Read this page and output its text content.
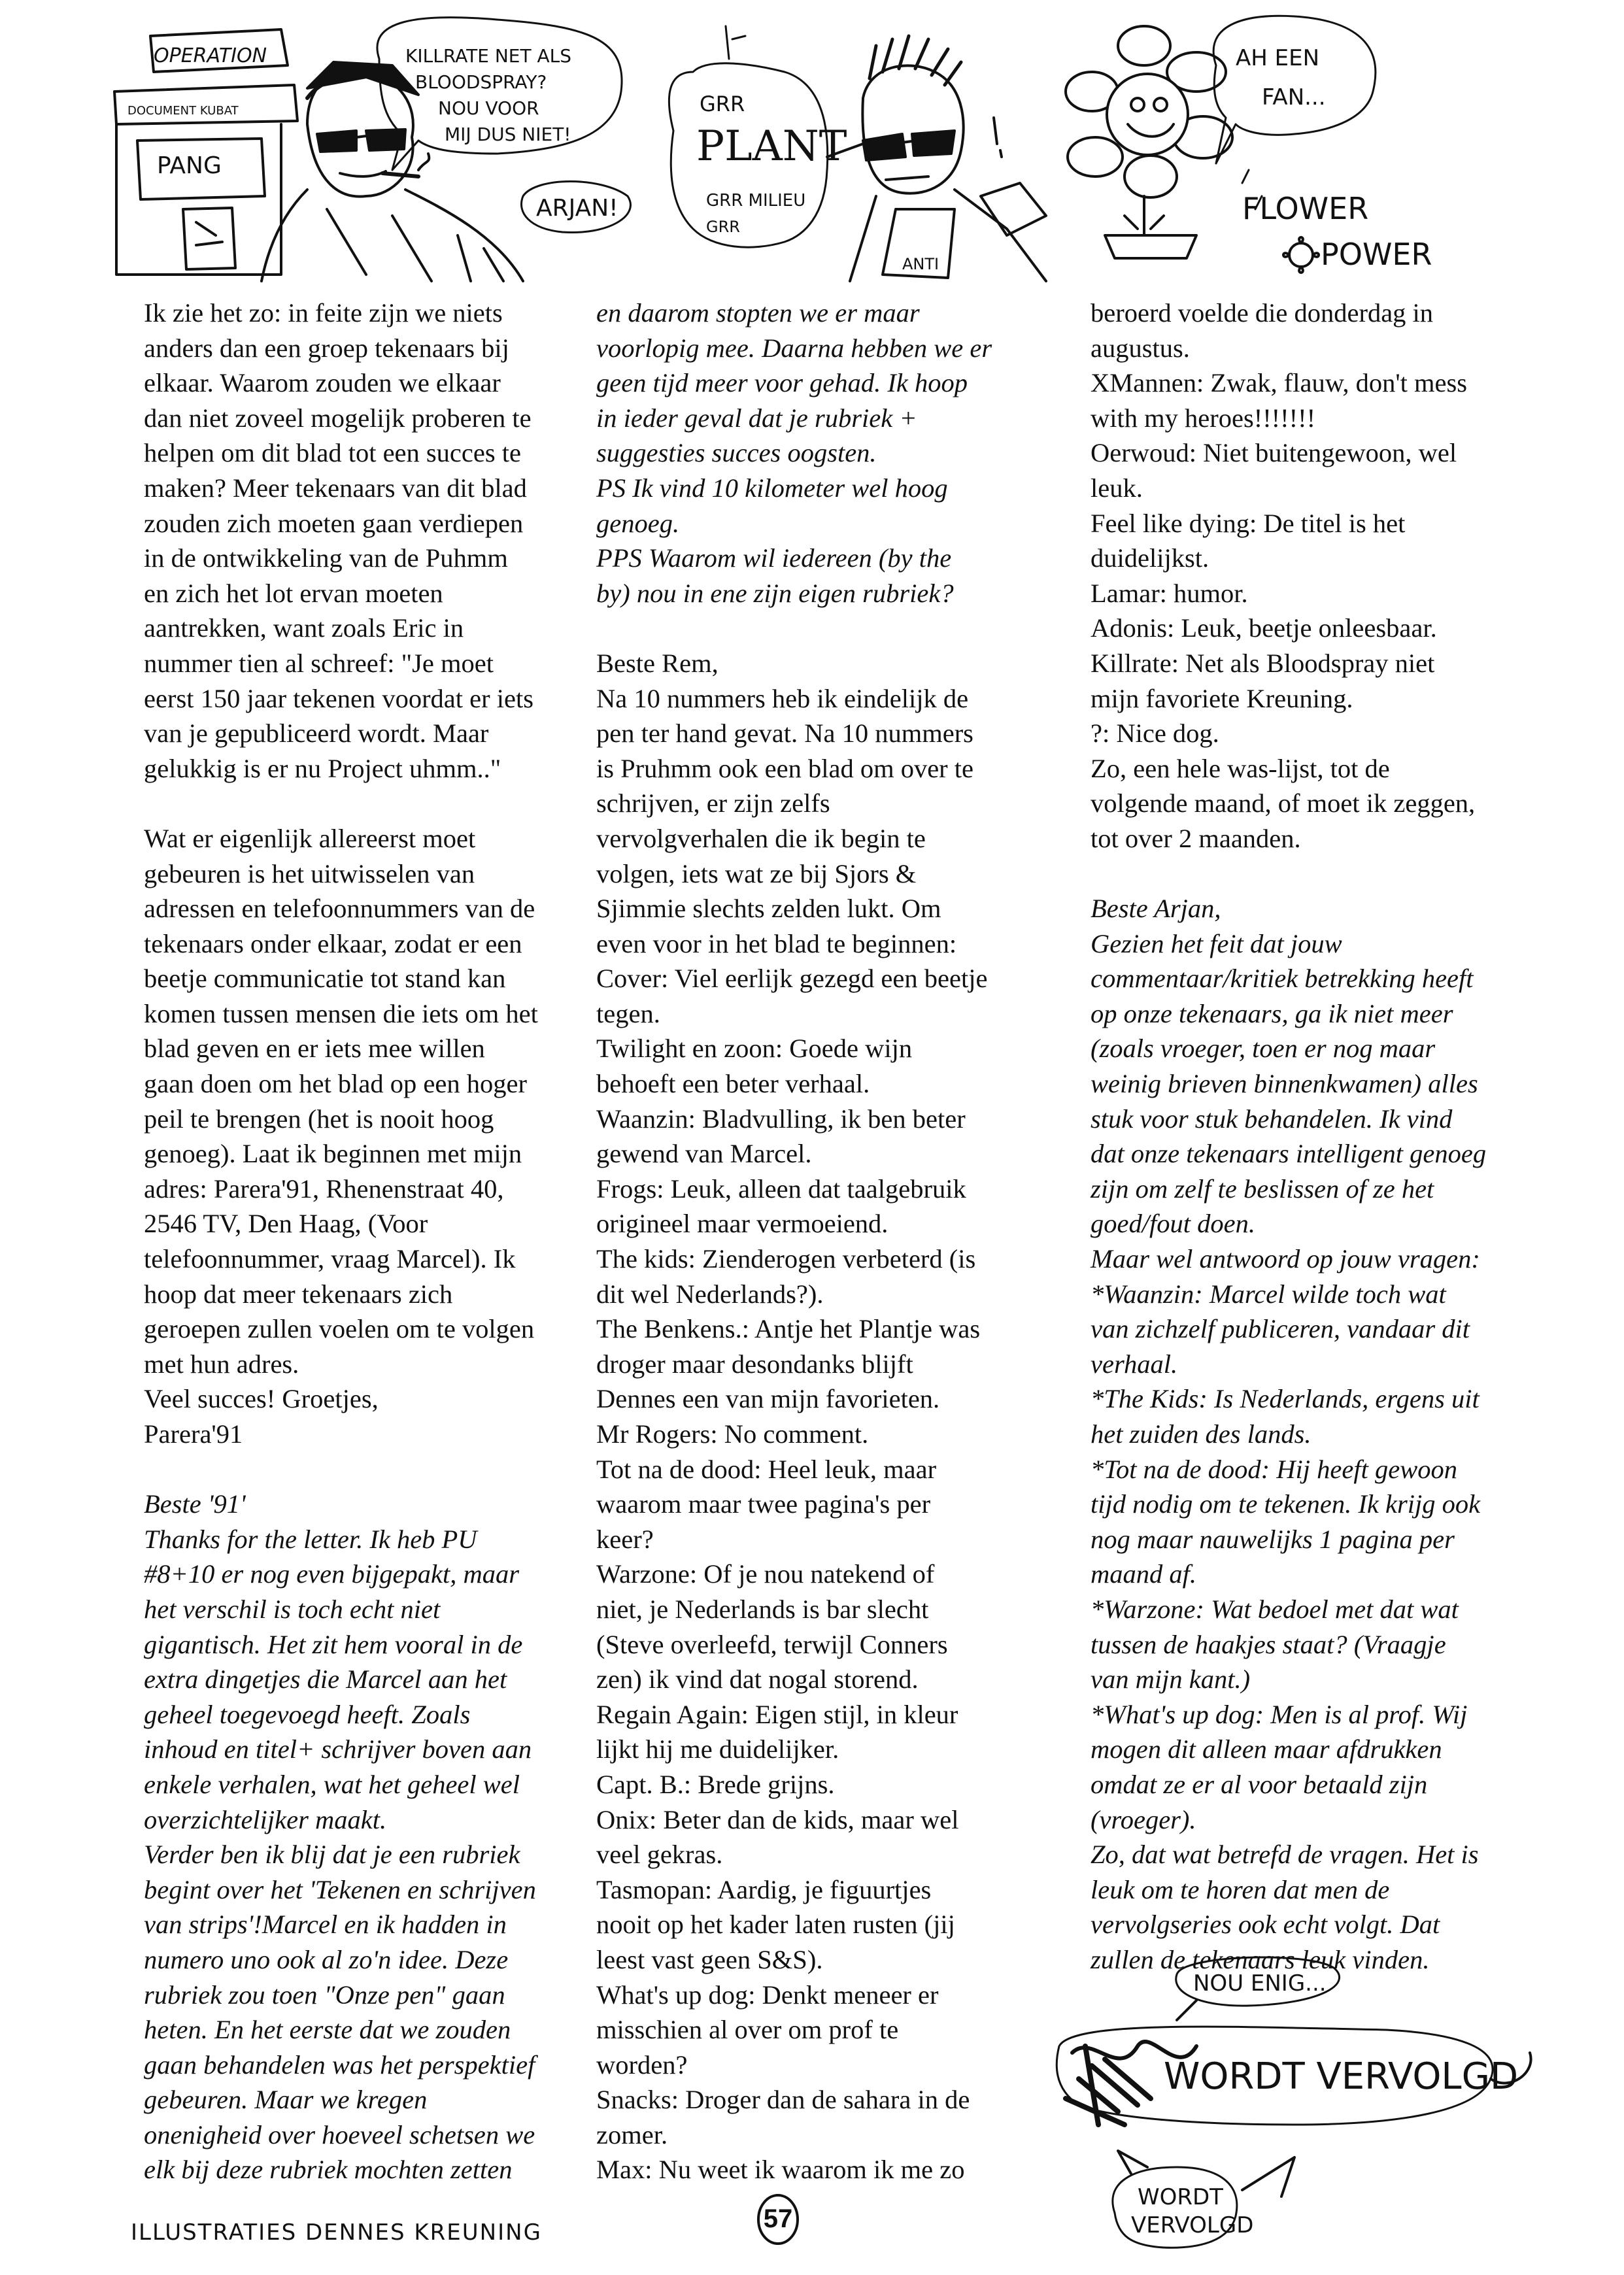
OPERATION
DOCUMENT KUBAT
PANG
KILLRATE NET ALS
BLOODSPRAY?
NOU VOOR
MIJ DUS NIET!
ARJAN!
GRR
PLANT
GRR MILIEU
GRR
ANTI
AH EEN
FAN...
FLOWER
POWER

Ik zie het zo: in feite zijn we niets

anders dan een groep tekenaars bij

elkaar. Waarom zouden we elkaar

dan niet zoveel mogelijk proberen te

helpen om dit blad tot een succes te

maken? Meer tekenaars van dit blad

zouden zich moeten gaan verdiepen

in de ontwikkeling van de Puhmm

en zich het lot ervan moeten

aantrekken, want zoals Eric in

nummer tien al schreef: "Je moet

eerst 150 jaar tekenen voordat er iets

van je gepubliceerd wordt. Maar

gelukkig is er nu Project uhmm.."

Wat er eigenlijk allereerst moet

gebeuren is het uitwisselen van

adressen en telefoonnummers van de

tekenaars onder elkaar, zodat er een

beetje communicatie tot stand kan

komen tussen mensen die iets om het

blad geven en er iets mee willen

gaan doen om het blad op een hoger

peil te brengen (het is nooit hoog

genoeg). Laat ik beginnen met mijn

adres: Parera'91, Rhenenstraat 40,

2546 TV, Den Haag, (Voor

telefoonnummer, vraag Marcel). Ik

hoop dat meer tekenaars zich

geroepen zullen voelen om te volgen

met hun adres.

Veel succes! Groetjes,

Parera'91

Beste '91'

Thanks for the letter. Ik heb PU

#8+10 er nog even bijgepakt, maar

het verschil is toch echt niet

gigantisch. Het zit hem vooral in de

extra dingetjes die Marcel aan het

geheel toegevoegd heeft. Zoals

inhoud en titel+ schrijver boven aan

enkele verhalen, wat het geheel wel

overzichtelijker maakt.

Verder ben ik blij dat je een rubriek

begint over het 'Tekenen en schrijven

van strips'!Marcel en ik hadden in

numero uno ook al zo'n idee. Deze

rubriek zou toen "Onze pen" gaan

heten. En het eerste dat we zouden

gaan behandelen was het perspektief

gebeuren. Maar we kregen

onenigheid over hoeveel schetsen we

elk bij deze rubriek mochten zetten

en daarom stopten we er maar

voorlopig mee. Daarna hebben we er

geen tijd meer voor gehad. Ik hoop

in ieder geval dat je rubriek +

suggesties succes oogsten.

PS Ik vind 10 kilometer wel hoog

genoeg.

PPS Waarom wil iedereen (by the

by) nou in ene zijn eigen rubriek?

Beste Rem,

Na 10 nummers heb ik eindelijk de

pen ter hand gevat. Na 10 nummers

is Pruhmm ook een blad om over te

schrijven, er zijn zelfs

vervolgverhalen die ik begin te

volgen, iets wat ze bij Sjors &

Sjimmie slechts zelden lukt. Om

even voor in het blad te beginnen:

Cover: Viel eerlijk gezegd een beetje

tegen.

Twilight en zoon: Goede wijn

behoeft een beter verhaal.

Waanzin: Bladvulling, ik ben beter

gewend van Marcel.

Frogs: Leuk, alleen dat taalgebruik

origineel maar vermoeiend.

The kids: Zienderogen verbeterd (is

dit wel Nederlands?).

The Benkens.: Antje het Plantje was

droger maar desondanks blijft

Dennes een van mijn favorieten.

Mr Rogers: No comment.

Tot na de dood: Heel leuk, maar

waarom maar twee pagina's per

keer?

Warzone: Of je nou natekend of

niet, je Nederlands is bar slecht

(Steve overleefd, terwijl Conners

zen) ik vind dat nogal storend.

Regain Again: Eigen stijl, in kleur

lijkt hij me duidelijker.

Capt. B.: Brede grijns.

Onix: Beter dan de kids, maar wel

veel gekras.

Tasmopan: Aardig, je figuurtjes

nooit op het kader laten rusten (jij

leest vast geen S&S).

What's up dog: Denkt meneer er

misschien al over om prof te

worden?

Snacks: Droger dan de sahara in de

zomer.

Max: Nu weet ik waarom ik me zo

beroerd voelde die donderdag in

augustus.

XMannen: Zwak, flauw, don't mess

with my heroes!!!!!!!

Oerwoud: Niet buitengewoon, wel

leuk.

Feel like dying: De titel is het

duidelijkst.

Lamar: humor.

Adonis: Leuk, beetje onleesbaar.

Killrate: Net als Bloodspray niet

mijn favoriete Kreuning.

?: Nice dog.

Zo, een hele was-lijst, tot de

volgende maand, of moet ik zeggen,

tot over 2 maanden.

Beste Arjan,

Gezien het feit dat jouw

commentaar/kritiek betrekking heeft

op onze tekenaars, ga ik niet meer

(zoals vroeger, toen er nog maar

weinig brieven binnenkwamen) alles

stuk voor stuk behandelen. Ik vind

dat onze tekenaars intelligent genoeg

zijn om zelf te beslissen of ze het

goed/fout doen.

Maar wel antwoord op jouw vragen:

*Waanzin: Marcel wilde toch wat

van zichzelf publiceren, vandaar dit

verhaal.

*The Kids: Is Nederlands, ergens uit

het zuiden des lands.

*Tot na de dood: Hij heeft gewoon

tijd nodig om te tekenen. Ik krijg ook

nog maar nauwelijks 1 pagina per

maand af.

*Warzone: Wat bedoel met dat wat

tussen de haakjes staat? (Vraagje

van mijn kant.)

*What's up dog: Men is al prof. Wij

mogen dit alleen maar afdrukken

omdat ze er al voor betaald zijn

(vroeger).

Zo, dat wat betrefd de vragen. Het is

leuk om te horen dat men de

vervolgseries ook echt volgt. Dat

zullen de tekenaars leuk vinden.

NOU ENIG...
WORDT VERVOLGD
WORDT
VERVOLGD
ILLUSTRATIES DENNES KREUNING	57
